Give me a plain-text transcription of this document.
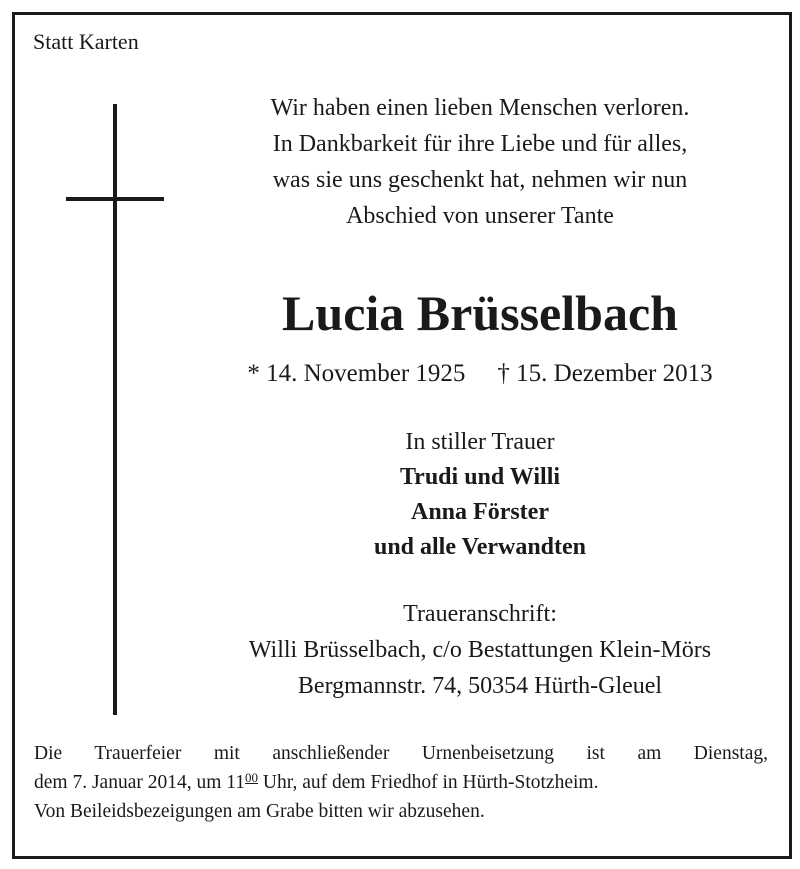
Statt Karten
Wir haben einen lieben Menschen verloren.
In Dankbarkeit für ihre Liebe und für alles,
was sie uns geschenkt hat, nehmen wir nun
Abschied von unserer Tante
Lucia Brüsselbach
* 14. November 1925 † 15. Dezember 2013
In stiller Trauer
Trudi und Willi
Anna Förster
und alle Verwandten
Traueranschrift:
Willi Brüsselbach, c/o Bestattungen Klein-Mörs
Bergmannstr. 74, 50354 Hürth-Gleuel
Die Trauerfeier mit anschließender Urnenbeisetzung ist am Dienstag,
dem 7. Januar 2014, um $11^{00}$ Uhr, auf dem Friedhof in Hürth-Stotzheim.
Von Beileidsbezeigungen am Grabe bitten wir abzusehen.
